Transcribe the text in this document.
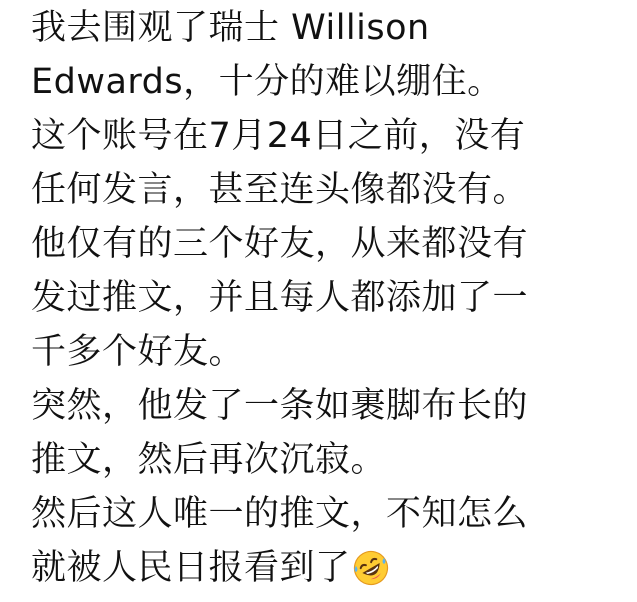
我去围观了瑞士 Willison
Edwards，十分的难以绷住。
这个账号在7月24日之前，没有
任何发言，甚至连头像都没有。
他仅有的三个好友，从来都没有
发过推文，并且每人都添加了一
千多个好友。
突然，他发了一条如裹脚布长的
推文，然后再次沉寂。
然后这人唯一的推文，不知怎么
就被人民日报看到了
